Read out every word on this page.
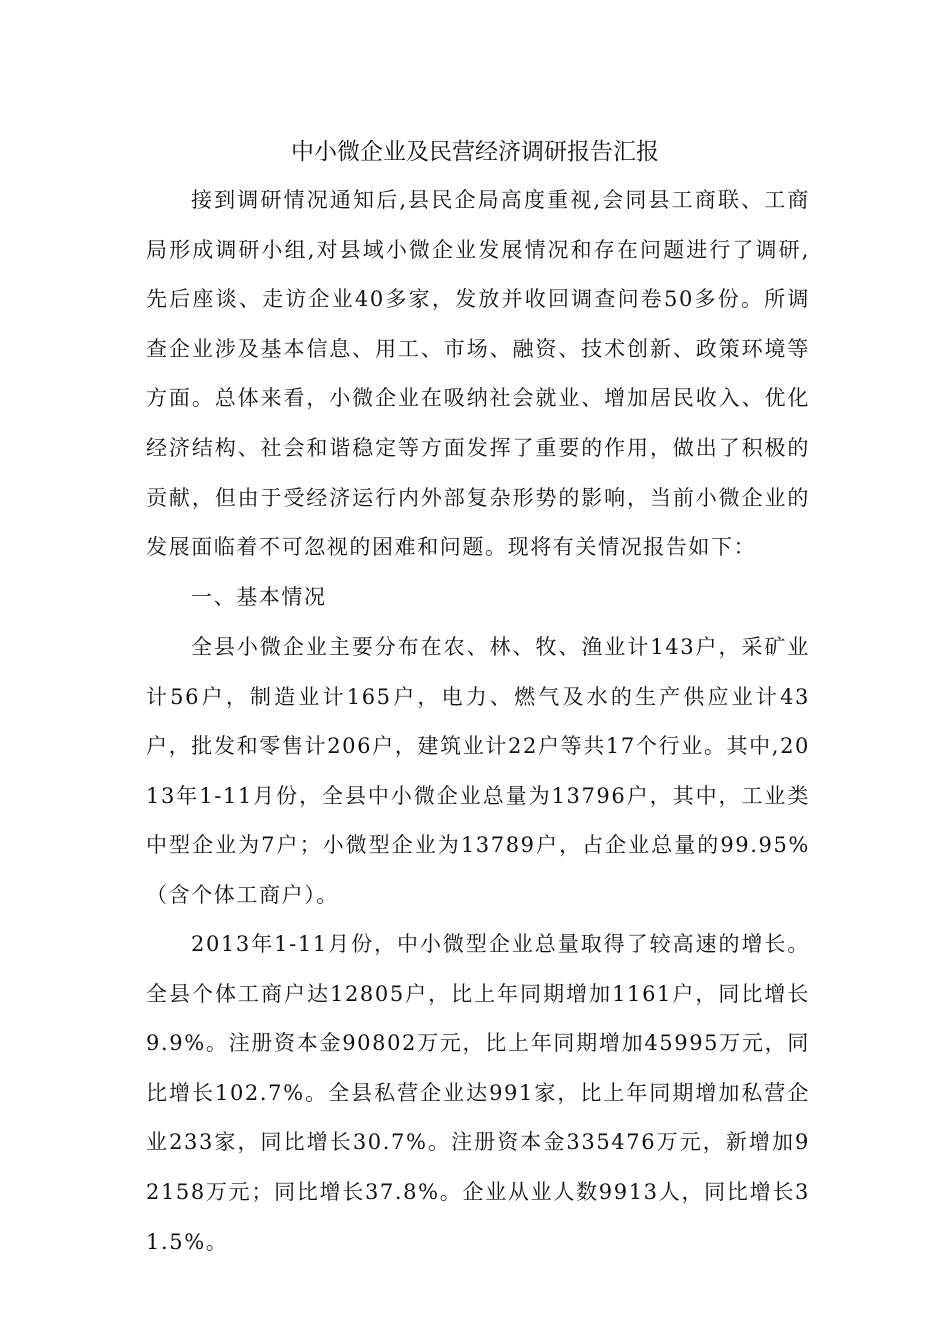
中小微企业及民营经济调研报告汇报

接到调研情况通知后,县民企局高度重视,会同县工商联、工商局形成调研小组,对县域小微企业发展情况和存在问题进行了调研,先后座谈、走访企业40多家，发放并收回调查问卷50多份。所调查企业涉及基本信息、用工、市场、融资、技术创新、政策环境等方面。总体来看，小微企业在吸纳社会就业、增加居民收入、优化经济结构、社会和谐稳定等方面发挥了重要的作用，做出了积极的贡献，但由于受经济运行内外部复杂形势的影响，当前小微企业的发展面临着不可忽视的困难和问题。现将有关情况报告如下：

一、基本情况

全县小微企业主要分布在农、林、牧、渔业计143户，采矿业计56户，制造业计165户，电力、燃气及水的生产供应业计43户，批发和零售计206户，建筑业计22户等共17个行业。其中,2013年1-11月份，全县中小微企业总量为13796户，其中，工业类中型企业为7户；小微型企业为13789户，占企业总量的99.95%（含个体工商户）。

2013年1-11月份，中小微型企业总量取得了较高速的增长。全县个体工商户达12805户，比上年同期增加1161户，同比增长9.9%。注册资本金90802万元，比上年同期增加45995万元，同比增长102.7%。全县私营企业达991家，比上年同期增加私营企业233家，同比增长30.7%。注册资本金335476万元，新增加92158万元；同比增长37.8%。企业从业人数9913人，同比增长31.5%。
